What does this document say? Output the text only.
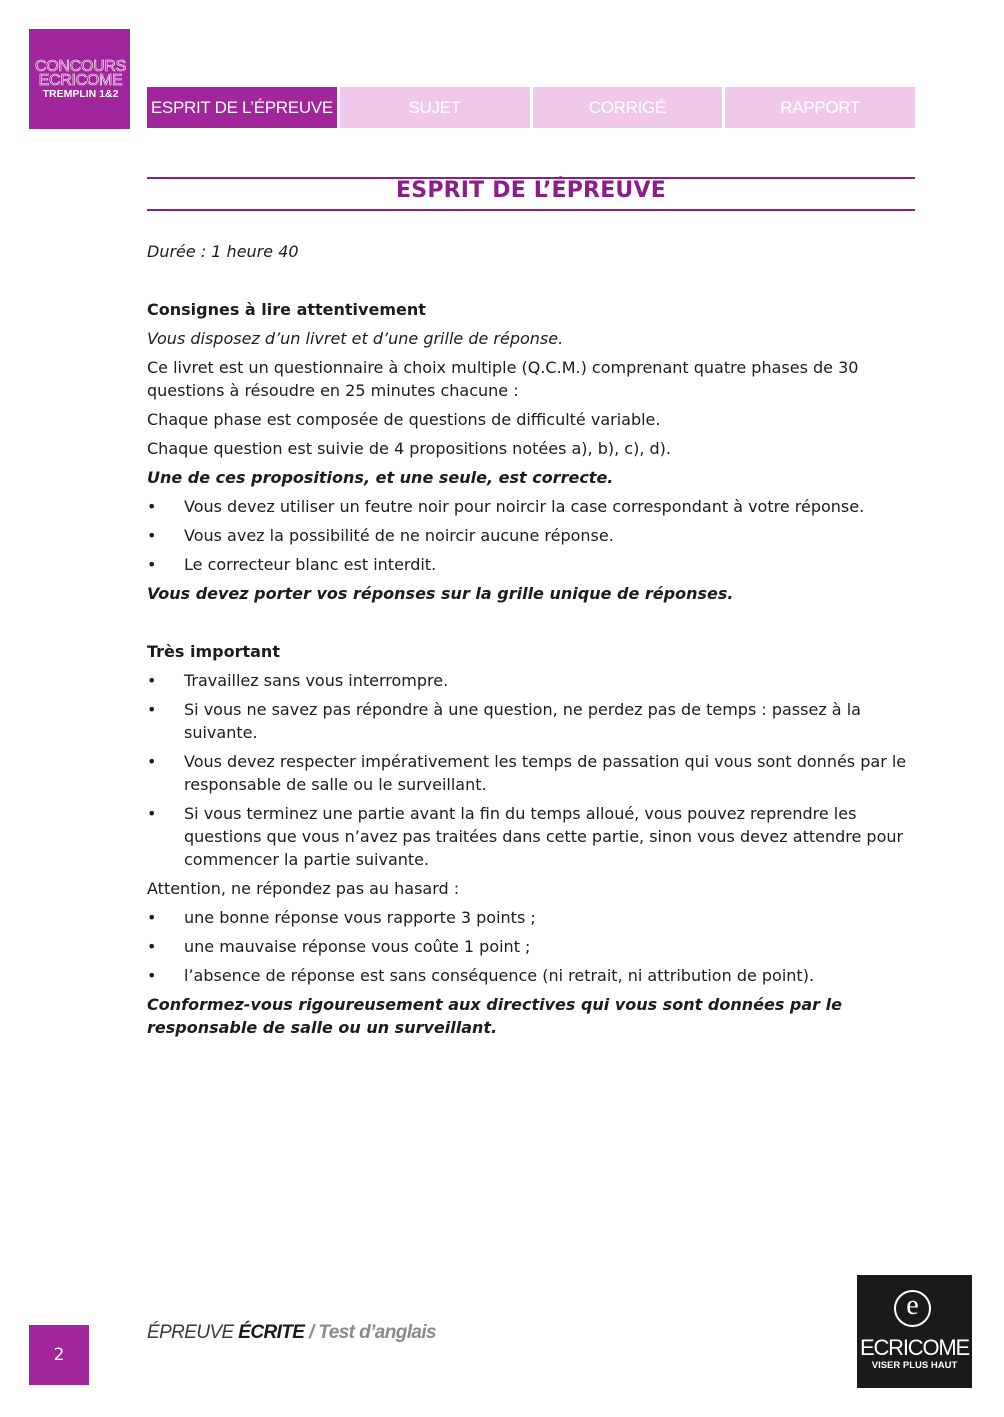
CONCOURS
ECRICOME
TREMPLIN 1&2
ESPRIT DE L’ÉPREUVE	SUJET	CORRIGÉ	RAPPORT
ESPRIT DE L’ÉPREUVE

Durée : 1 heure 40

Consignes à lire attentivement

Vous disposez d’un livret et d’une grille de réponse.

Ce livret est un questionnaire à choix multiple (Q.C.M.) comprenant quatre phases de 30 questions à résoudre en 25 minutes chacune :

Chaque phase est composée de questions de difficulté variable.

Chaque question est suivie de 4 propositions notées a), b), c), d).

Une de ces propositions, et une seule, est correcte.

•	Vous devez utiliser un feutre noir pour noircir la case correspondant à votre réponse.
•	Vous avez la possibilité de ne noircir aucune réponse.
•	Le correcteur blanc est interdit.

Vous devez porter vos réponses sur la grille unique de réponses.

Très important

•	Travaillez sans vous interrompre.
•	Si vous ne savez pas répondre à une question, ne perdez pas de temps : passez à la suivante.
•	Vous devez respecter impérativement les temps de passation qui vous sont donnés par le responsable de salle ou le surveillant.
•	Si vous terminez une partie avant la fin du temps alloué, vous pouvez reprendre les questions que vous n’avez pas traitées dans cette partie, sinon vous devez attendre pour commencer la partie suivante.

Attention, ne répondez pas au hasard :

•	une bonne réponse vous rapporte 3 points ;
•	une mauvaise réponse vous coûte 1 point ;
•	l’absence de réponse est sans conséquence (ni retrait, ni attribution de point).

Conformez-vous rigoureusement aux directives qui vous sont données par le responsable de salle ou un surveillant.

2
ÉPREUVE ÉCRITE / Test d’anglais
e
ECRICOME
VISER PLUS HAUT
